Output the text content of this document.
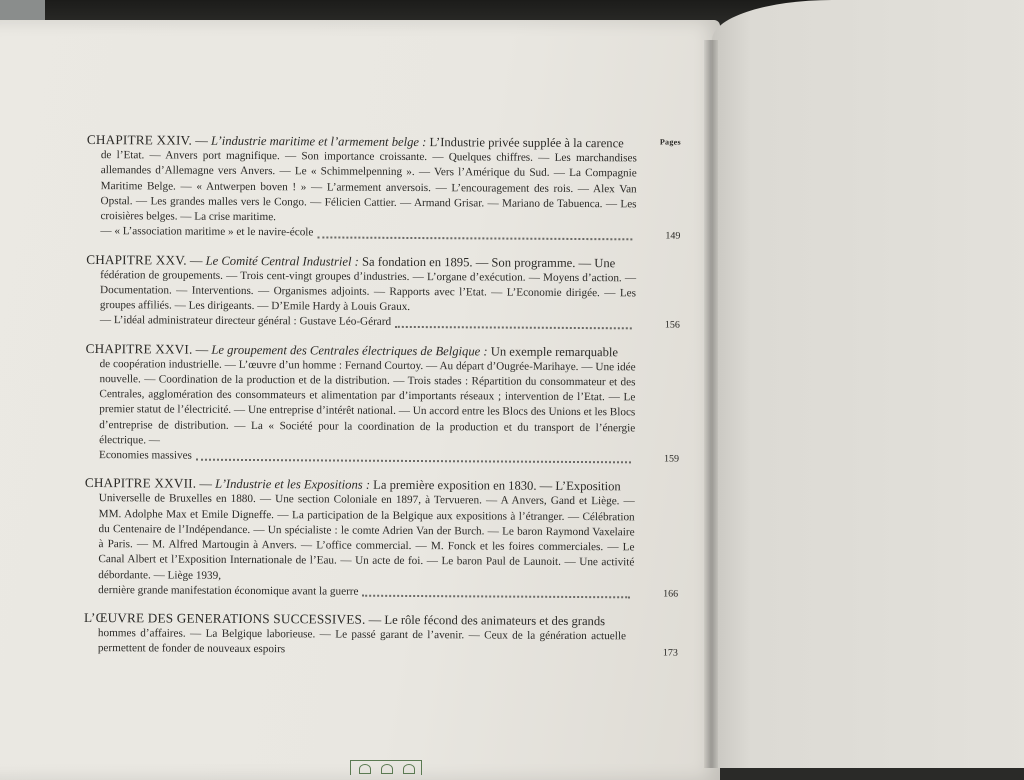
Pages
CHAPITRE XXIV. — L’industrie maritime et l’armement belge : L’Industrie privée supplée à la carence
de l’Etat. — Anvers port magnifique. — Son importance croissante. — Quelques chiffres. — Les marchandises allemandes d’Allemagne vers Anvers. — Le « Schimmelpenning ». — Vers l’Amérique du Sud. — La Compagnie Maritime Belge. — « Antwerpen boven ! » — L’armement anversois. — L’encouragement des rois. — Alex Van Opstal. — Les grandes malles vers le Congo. — Félicien Cattier. — Armand Grisar. — Mariano de Tabuenca. — Les croisières belges. — La crise maritime.
— « L’association maritime » et le navire-école	149
CHAPITRE XXV. — Le Comité Central Industriel : Sa fondation en 1895. — Son programme. — Une
fédération de groupements. — Trois cent-vingt groupes d’industries. — L’organe d’exécution. — Moyens d’action. — Documentation. — Interventions. — Organismes adjoints. — Rapports avec l’Etat. — L’Economie dirigée. — Les groupes affiliés. — Les dirigeants. — D’Emile Hardy à Louis Graux.
— L’idéal administrateur directeur général : Gustave Léo-Gérard	156
CHAPITRE XXVI. — Le groupement des Centrales électriques de Belgique : Un exemple remarquable
de coopération industrielle. — L’œuvre d’un homme : Fernand Courtoy. — Au départ d’Ougrée-Marihaye. — Une idée nouvelle. — Coordination de la production et de la distribution. — Trois stades : Répartition du consommateur et des Centrales, agglomération des consommateurs et alimentation par d’importants réseaux ; intervention de l’Etat. — Le premier statut de l’électricité. — Une entreprise d’intérêt national. — Un accord entre les Blocs des Unions et les Blocs d’entreprise de distribution. — La « Société pour la coordination de la production et du transport de l’énergie électrique. —
Economies massives	159
CHAPITRE XXVII. — L’Industrie et les Expositions : La première exposition en 1830. — L’Exposition
Universelle de Bruxelles en 1880. — Une section Coloniale en 1897, à Tervueren. — A Anvers, Gand et Liège. — MM. Adolphe Max et Emile Digneffe. — La participation de la Belgique aux expositions à l’étranger. — Célébration du Centenaire de l’Indépendance. — Un spécialiste : le comte Adrien Van der Burch. — Le baron Raymond Vaxelaire à Paris. — M. Alfred Martougin à Anvers. — L’office commercial. — M. Fonck et les foires commerciales. — Le Canal Albert et l’Exposition Internationale de l’Eau. — Un acte de foi. — Le baron Paul de Launoit. — Une activité débordante. — Liège 1939,
dernière grande manifestation économique avant la guerre	166
L’ŒUVRE DES GENERATIONS SUCCESSIVES. — Le rôle fécond des animateurs et des grands
hommes d’affaires. — La Belgique laborieuse. — Le passé garant de l’avenir. — Ceux de la génération actuelle permettent de fonder de nouveaux espoirs	173
